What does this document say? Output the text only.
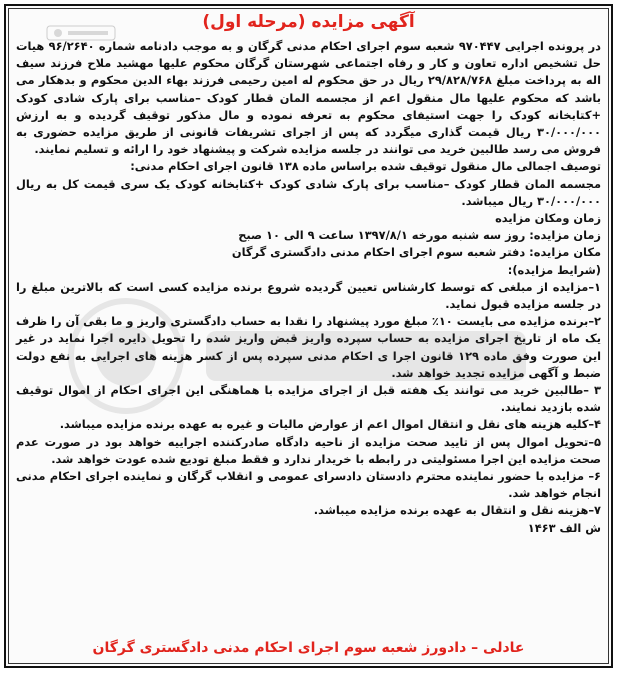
آگهی مزایده (مرحله اول)

در پرونده اجرایی ۹۷۰۴۴۷ شعبه سوم اجرای احکام مدنی گرگان و به موجب دادنامه شماره ۹۶/۲۶۴۰ هیات حل تشخیص اداره تعاون و کار و رفاه اجتماعی شهرستان گرگان محکوم علیها مهشید ملاح فرزند سیف اله به پرداخت مبلغ ۲۹/۸۲۸/۷۶۸ ریال در حق محکوم له امین رحیمی فرزند بهاء الدین محکوم و بدهکار می باشد که محکوم علیها مال منقول اعم از مجسمه المان قطار کودک –مناسب برای پارک شادی کودک +کتابخانه کودک را جهت استیفای محکوم به تعرفه نموده و مال مذکور توقیف گردیده و به ارزش ۳۰/۰۰۰/۰۰۰ ریال قیمت گذاری میگردد که پس از اجرای تشریفات قانونی از طریق مزایده حضوری به فروش می رسد طالبین خرید می توانند در جلسه مزایده شرکت و پیشنهاد خود را ارائه و تسلیم نمایند.

توصیف اجمالی مال منقول توقیف شده براساس ماده ۱۳۸ قانون اجرای احکام مدنی:

مجسمه المان قطار کودک –مناسب برای پارک شادی کودک +کتابخانه کودک یک سری قیمت کل به ریال ۳۰/۰۰۰/۰۰۰ ریال میباشد.

زمان ومکان مزایده

زمان مزایده: روز سه شنبه مورخه ۱۳۹۷/۸/۱ ساعت ۹ الی ۱۰ صبح

مکان مزایده: دفتر شعبه سوم اجرای احکام مدنی دادگستری گرگان

(شرایط مزایده):

۱–مزایده از مبلغی که توسط کارشناس تعیین گردیده شروع برنده مزایده کسی است که بالاترین مبلغ را در جلسه مزایده قبول نماید.

۲–برنده مزایده می بایست ۱۰٪ مبلغ مورد پیشنهاد را نقدا به حساب دادگستری واریز و ما بقی آن را ظرف یک ماه از تاریخ اجرای مزایده به حساب سپرده واریز قبض واریز شده را تحویل دایره اجرا نماید در غیر این صورت وفق ماده ۱۲۹ قانون اجرا ی احکام مدنی سپرده پس از کسر هزینه های اجرایی به نفع دولت ضبط و آگهی مزایده تجدید خواهد شد.

۳ –طالبین خرید می توانند یک هفته قبل از اجرای مزایده با هماهنگی این اجرای احکام از اموال توقیف شده بازدید نمایند.

۴–کلیه هزینه های نقل و انتقال اموال اعم از عوارض مالیات و غیره به عهده برنده مزایده میباشد.

۵–تحویل اموال پس از تایید صحت مزایده از ناحیه دادگاه صادرکننده اجراییه خواهد بود در صورت عدم صحت مزایده این اجرا مسئولیتی در رابطه با خریدار ندارد و فقط مبلغ تودیع شده عودت خواهد شد.

۶– مزایده با حضور نماینده محترم دادستان دادسرای عمومی و انقلاب گرگان و نماینده اجرای احکام مدنی انجام خواهد شد.

۷–هزینه نقل و انتقال به عهده برنده مزایده میباشد.

ش الف ۱۴۶۳

عادلی – دادورز شعبه سوم اجرای احکام مدنی دادگستری گرگان
